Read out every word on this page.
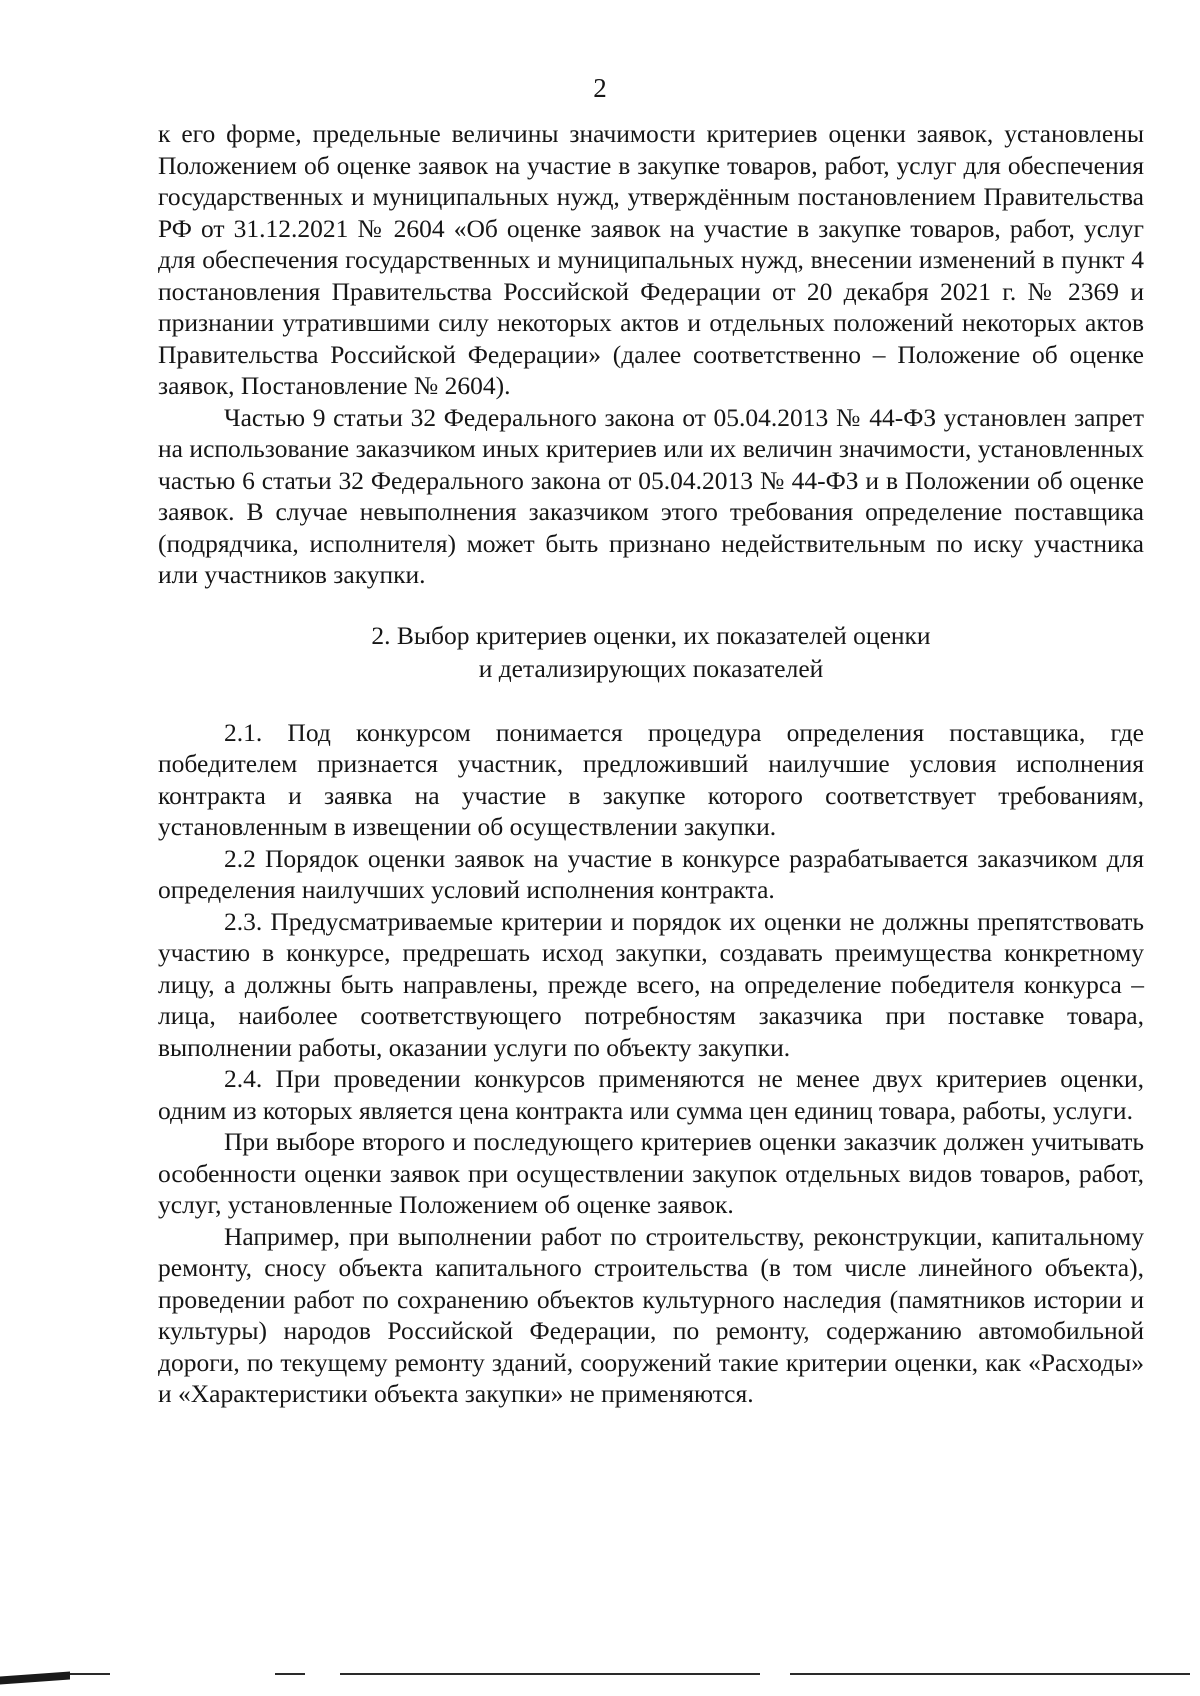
2

к его форме, предельные величины значимости критериев оценки заявок, установлены Положением об оценке заявок на участие в закупке товаров, работ, услуг для обеспечения государственных и муниципальных нужд, утверждённым постановлением Правительства РФ от 31.12.2021 № 2604 «Об оценке заявок на участие в закупке товаров, работ, услуг для обеспечения государственных и муниципальных нужд, внесении изменений в пункт 4 постановления Правительства Российской Федерации от 20 декабря 2021 г. № 2369 и признании утратившими силу некоторых актов и отдельных положений некоторых актов Правительства Российской Федерации» (далее соответственно – Положение об оценке заявок, Постановление № 2604).

Частью 9 статьи 32 Федерального закона от 05.04.2013 № 44-ФЗ установлен запрет на использование заказчиком иных критериев или их величин значимости, установленных частью 6 статьи 32 Федерального закона от 05.04.2013 № 44-ФЗ и в Положении об оценке заявок. В случае невыполнения заказчиком этого требования определение поставщика (подрядчика, исполнителя) может быть признано недействительным по иску участника или участников закупки.

2. Выбор критериев оценки, их показателей оценки
и детализирующих показателей

2.1. Под конкурсом понимается процедура определения поставщика, где победителем признается участник, предложивший наилучшие условия исполнения контракта и заявка на участие в закупке которого соответствует требованиям, установленным в извещении об осуществлении закупки.

2.2 Порядок оценки заявок на участие в конкурсе разрабатывается заказчиком для определения наилучших условий исполнения контракта.

2.3. Предусматриваемые критерии и порядок их оценки не должны препятствовать участию в конкурсе, предрешать исход закупки, создавать преимущества конкретному лицу, а должны быть направлены, прежде всего, на определение победителя конкурса – лица, наиболее соответствующего потребностям заказчика при поставке товара, выполнении работы, оказании услуги по объекту закупки.

2.4. При проведении конкурсов применяются не менее двух критериев оценки, одним из которых является цена контракта или сумма цен единиц товара, работы, услуги.

При выборе второго и последующего критериев оценки заказчик должен учитывать особенности оценки заявок при осуществлении закупок отдельных видов товаров, работ, услуг, установленные Положением об оценке заявок.

Например, при выполнении работ по строительству, реконструкции, капитальному ремонту, сносу объекта капитального строительства (в том числе линейного объекта), проведении работ по сохранению объектов культурного наследия (памятников истории и культуры) народов Российской Федерации, по ремонту, содержанию автомобильной дороги, по текущему ремонту зданий, сооружений такие критерии оценки, как «Расходы» и «Характеристики объекта закупки» не применяются.
